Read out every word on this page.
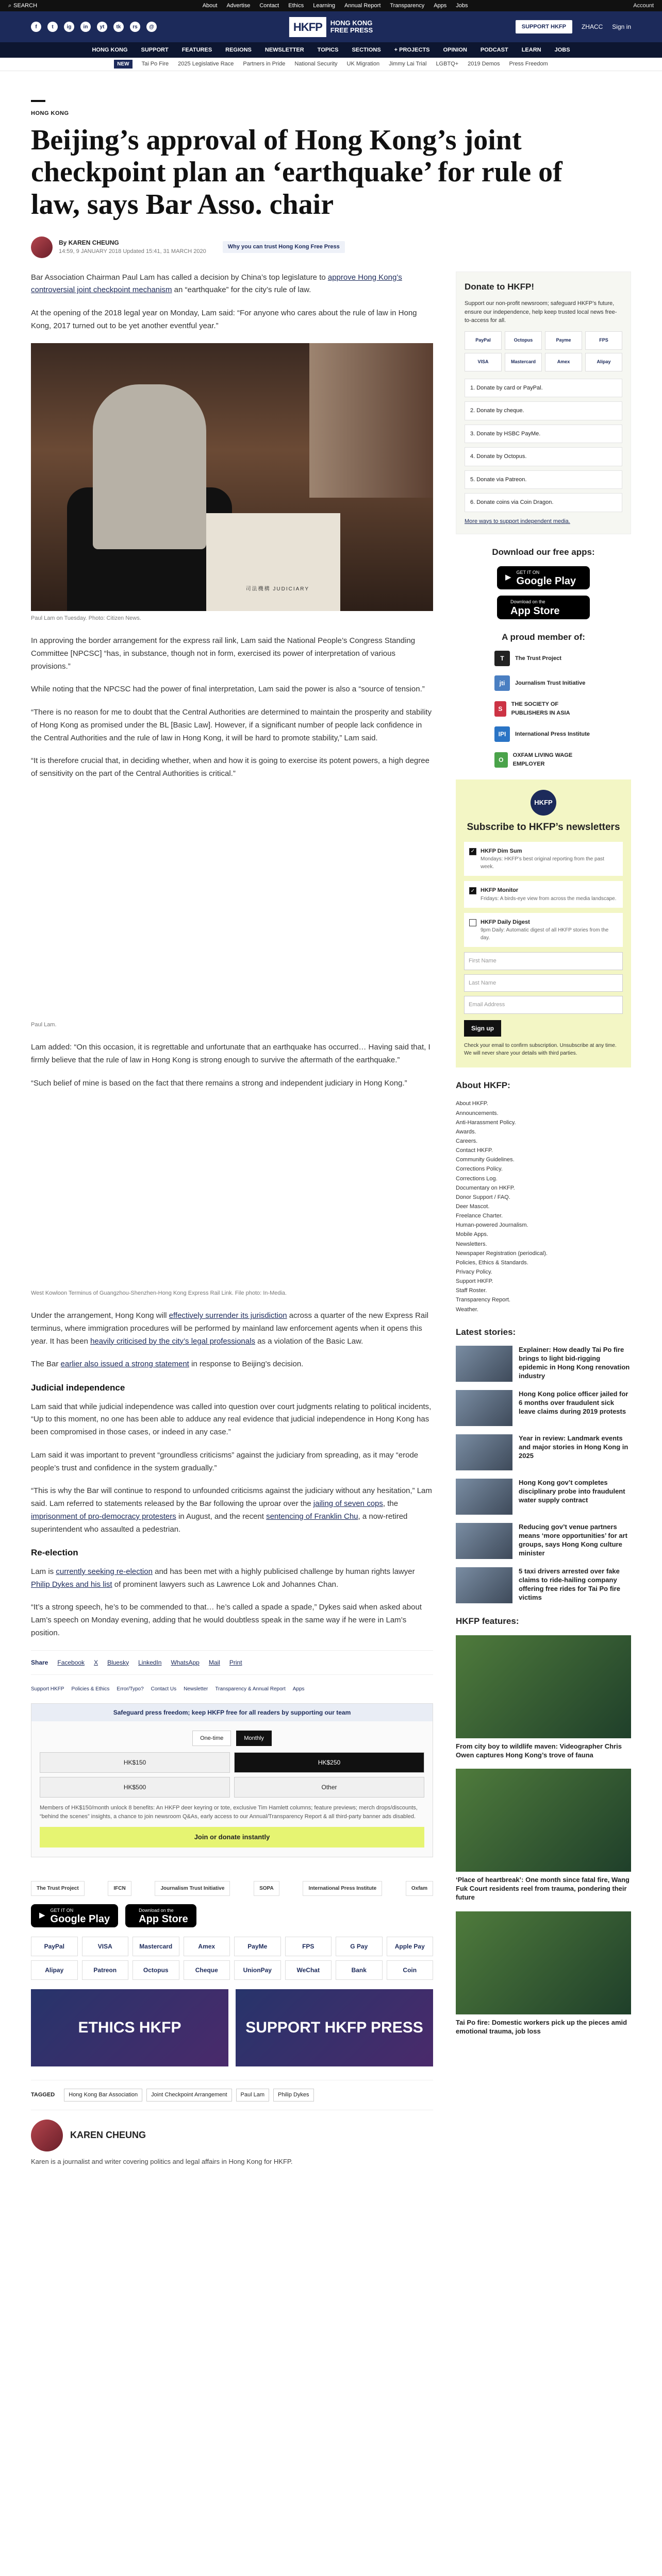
⌕ SEARCH	About Advertise Contact Ethics Learning Annual Report Transparency Apps Jobs	Account
f	t	ig	in	yt	tk	rs	@	HKFP	HONG KONG
FREE PRESS	SUPPORT HKFP	ZHACC Sign in
HONG KONG SUPPORT FEATURES REGIONS NEWSLETTER TOPICS SECTIONS + PROJECTS OPINION PODCAST LEARN JOBS
NEW	Tai Po Fire 2025 Legislative Race Partners in Pride National Security UK Migration Jimmy Lai Trial LGBTQ+ 2019 Demos Press Freedom
HONG KONG
Beijing’s approval of Hong Kong’s joint checkpoint plan an ‘earthquake’ for rule of law, says Bar Asso. chair
By KAREN CHEUNG
14:59, 9 JANUARY 2018 Updated 15:41, 31 MARCH 2020
Why you can trust Hong Kong Free Press

Bar Association Chairman Paul Lam has called a decision by China’s top legislature to approve Hong Kong’s controversial joint checkpoint mechanism an “earthquake” for the city’s rule of law.

At the opening of the 2018 legal year on Monday, Lam said: “For anyone who cares about the rule of law in Hong Kong, 2017 turned out to be yet another eventful year.”

司法機構 JUDICIARY
Paul Lam on Tuesday. Photo: Citizen News.

In approving the border arrangement for the express rail link, Lam said the National People’s Congress Standing Committee [NPCSC] “has, in substance, though not in form, exercised its power of interpretation of various provisions.”

While noting that the NPCSC had the power of final interpretation, Lam said the power is also a “source of tension.”

“There is no reason for me to doubt that the Central Authorities are determined to maintain the prosperity and stability of Hong Kong as promised under the BL [Basic Law]. However, if a significant number of people lack confidence in the Central Authorities and the rule of law in Hong Kong, it will be hard to promote stability,” Lam said.

“It is therefore crucial that, in deciding whether, when and how it is going to exercise its potent powers, a high degree of sensitivity on the part of the Central Authorities is critical.”

Paul Lam.

Lam added: “On this occasion, it is regrettable and unfortunate that an earthquake has occurred… Having said that, I firmly believe that the rule of law in Hong Kong is strong enough to survive the aftermath of the earthquake.”

“Such belief of mine is based on the fact that there remains a strong and independent judiciary in Hong Kong.”

West Kowloon Terminus of Guangzhou-Shenzhen-Hong Kong Express Rail Link. File photo: In-Media.

Under the arrangement, Hong Kong will effectively surrender its jurisdiction across a quarter of the new Express Rail terminus, where immigration procedures will be performed by mainland law enforcement agents when it opens this year. It has been heavily criticised by the city’s legal professionals as a violation of the Basic Law.

The Bar earlier also issued a strong statement in response to Beijing’s decision.

Judicial independence

Lam said that while judicial independence was called into question over court judgments relating to political incidents, “Up to this moment, no one has been able to adduce any real evidence that judicial independence in Hong Kong has been compromised in those cases, or indeed in any case.”

Lam said it was important to prevent “groundless criticisms” against the judiciary from spreading, as it may “erode people’s trust and confidence in the system gradually.”

“This is why the Bar will continue to respond to unfounded criticisms against the judiciary without any hesitation,” Lam said. Lam referred to statements released by the Bar following the uproar over the jailing of seven cops, the imprisonment of pro-democracy protesters in August, and the recent sentencing of Franklin Chu, a now-retired superintendent who assaulted a pedestrian.

Re-election

Lam is currently seeking re-election and has been met with a highly publicised challenge by human rights lawyer Philip Dykes and his list of prominent lawyers such as Lawrence Lok and Johannes Chan.

“It’s a strong speech, he’s to be commended to that… he’s called a spade a spade,” Dykes said when asked about Lam’s speech on Monday evening, adding that he would doubtless speak in the same way if he were in Lam’s position.

Share Facebook X Bluesky LinkedIn WhatsApp Mail Print
Support HKFP Policies & Ethics Error/Typo? Contact Us Newsletter Transparency & Annual Report Apps
Safeguard press freedom; keep HKFP free for all readers by supporting our team
One-time	Monthly
HK$150	HK$250
HK$500	Other

Members of HK$150/month unlock 8 benefits: An HKFP deer keyring or tote, exclusive Tim Hamlett columns; feature previews; merch drops/discounts, “behind the scenes” insights, a chance to join newsroom Q&As, early access to our Annual/Transparency Report & all third-party banner ads disabled.

Join or donate instantly
The Trust Project	IFCN	Journalism Trust Initiative	SOPA	International Press Institute	Oxfam
▶
GET IT ON
Google Play
Download on the
App Store
PayPal	VISA	Mastercard	Amex	PayMe	FPS	G Pay	Apple Pay
Alipay	Patreon	Octopus	Cheque	UnionPay	WeChat	Bank	Coin
ETHICS HKFP	SUPPORT HKFP PRESS
TAGGED	Hong Kong Bar Association	Joint Checkpoint Arrangement	Paul Lam	Philip Dykes
KAREN CHEUNG

Karen is a journalist and writer covering politics and legal affairs in Hong Kong for HKFP.

Donate to HKFP!

Support our non-profit newsroom; safeguard HKFP’s future, ensure our independence, help keep trusted local news free-to-access for all.

PayPal	Octopus	Payme	FPS
VISA	Mastercard	Amex	Alipay
1. Donate by card or PayPal.
2. Donate by cheque.
3. Donate by HSBC PayMe.
4. Donate by Octopus.
5. Donate via Patreon.
6. Donate coins via Coin Dragon.
More ways to support independent media.
Download our free apps:
▶
GET IT ON
Google Play
Download on the
App Store
A proud member of:
T	The Trust Project
jti	Journalism Trust Initiative
S
THE SOCIETY OF PUBLISHERS IN ASIA
IPI	International Press Institute
O
OXFAM LIVING WAGE EMPLOYER
HKFP
Subscribe to HKFP’s newsletters
✓ HKFP Dim Sum
Mondays: HKFP’s best original reporting from the past week.
✓ HKFP Monitor
Fridays: A birds-eye view from across the media landscape.
HKFP Daily Digest
9pm Daily: Automatic digest of all HKFP stories from the day.
First Name
Last Name
Email Address
Sign up

Check your email to confirm subscription. Unsubscribe at any time. We will never share your details with third parties.

About HKFP:
About HKFP.
Announcements.
Anti-Harassment Policy.
Awards.
Careers.
Contact HKFP.
Community Guidelines.
Corrections Policy.
Corrections Log.
Documentary on HKFP.
Donor Support / FAQ.
Deer Mascot.
Freelance Charter.
Human-powered Journalism.
Mobile Apps.
Newsletters.
Newspaper Registration (periodical).
Policies, Ethics & Standards.
Privacy Policy.
Support HKFP.
Staff Roster.
Transparency Report.
Weather.
Latest stories:
Explainer: How deadly Tai Po fire brings to light bid-rigging epidemic in Hong Kong renovation industry
Hong Kong police officer jailed for 6 months over fraudulent sick leave claims during 2019 protests
Year in review: Landmark events and major stories in Hong Kong in 2025
Hong Kong gov’t completes disciplinary probe into fraudulent water supply contract
Reducing gov’t venue partners means ‘more opportunities’ for art groups, says Hong Kong culture minister
5 taxi drivers arrested over fake claims to ride-hailing company offering free rides for Tai Po fire victims
HKFP features:
From city boy to wildlife maven: Videographer Chris Owen captures Hong Kong’s trove of fauna
‘Place of heartbreak’: One month since fatal fire, Wang Fuk Court residents reel from trauma, pondering their future
Tai Po fire: Domestic workers pick up the pieces amid emotional trauma, job loss
